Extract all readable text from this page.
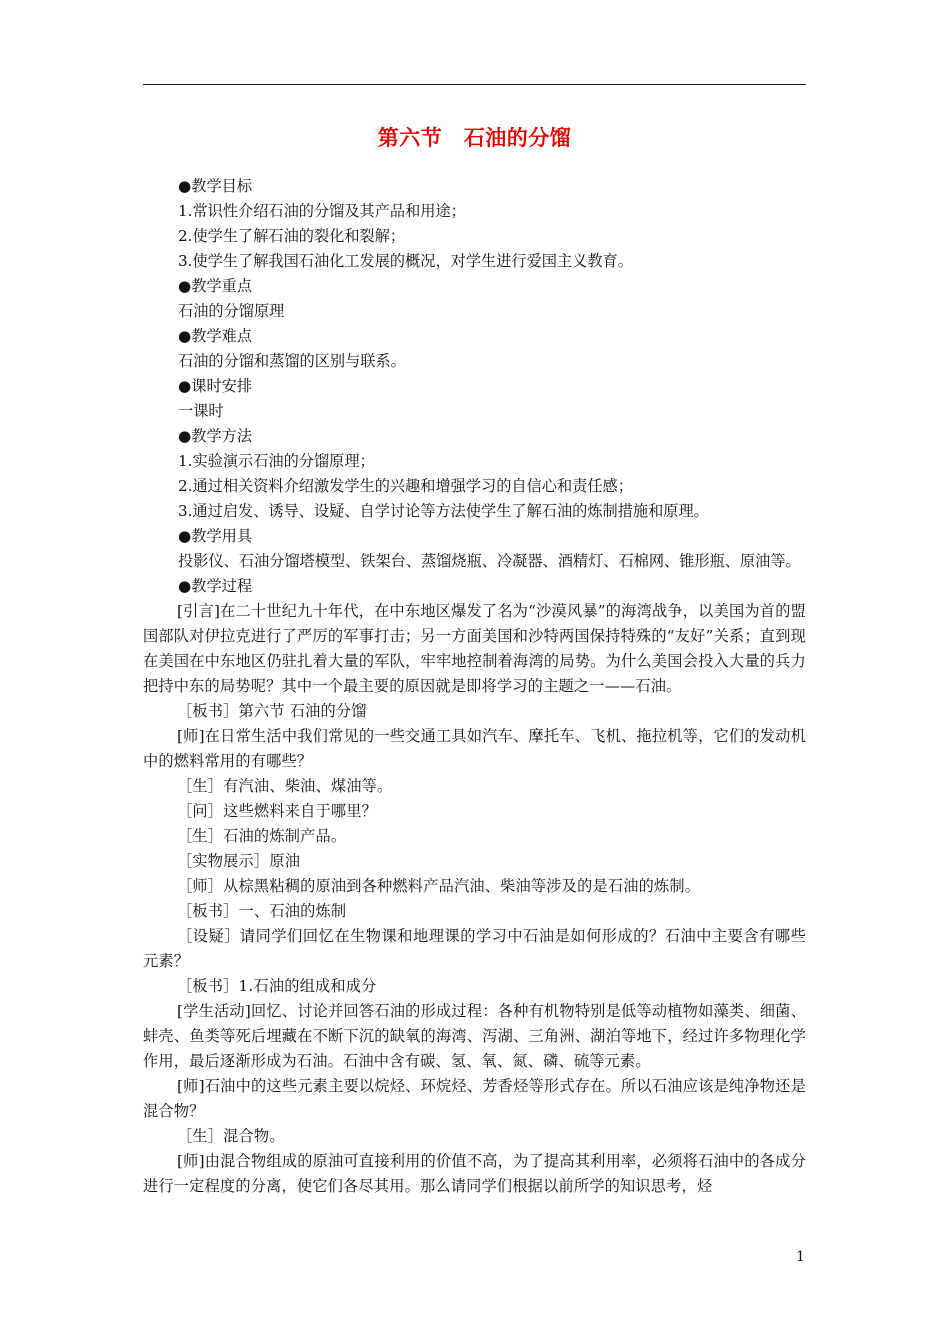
第六节　石油的分馏

●教学目标

1.常识性介绍石油的分馏及其产品和用途；

2.使学生了解石油的裂化和裂解；

3.使学生了解我国石油化工发展的概况，对学生进行爱国主义教育。

●教学重点

石油的分馏原理

●教学难点

石油的分馏和蒸馏的区别与联系。

●课时安排

一课时

●教学方法

1.实验演示石油的分馏原理；

2.通过相关资料介绍激发学生的兴趣和增强学习的自信心和责任感；

3.通过启发、诱导、设疑、自学讨论等方法使学生了解石油的炼制措施和原理。

●教学用具

投影仪、石油分馏塔模型、铁架台、蒸馏烧瓶、冷凝器、酒精灯、石棉网、锥形瓶、原油等。

●教学过程

[引言]在二十世纪九十年代，在中东地区爆发了名为“沙漠风暴”的海湾战争，以美国为首的盟国部队对伊拉克进行了严厉的军事打击；另一方面美国和沙特两国保持特殊的“友好”关系；直到现在美国在中东地区仍驻扎着大量的军队，牢牢地控制着海湾的局势。为什么美国会投入大量的兵力把持中东的局势呢？其中一个最主要的原因就是即将学习的主题之一——石油。

［板书］第六节 石油的分馏

[师]在日常生活中我们常见的一些交通工具如汽车、摩托车、飞机、拖拉机等，它们的发动机中的燃料常用的有哪些？

［生］有汽油、柴油、煤油等。

［问］这些燃料来自于哪里？

［生］石油的炼制产品。

［实物展示］原油

［师］从棕黑粘稠的原油到各种燃料产品汽油、柴油等涉及的是石油的炼制。

［板书］一、石油的炼制

［设疑］请同学们回忆在生物课和地理课的学习中石油是如何形成的？石油中主要含有哪些元素？

［板书］1.石油的组成和成分

[学生活动]回忆、讨论并回答石油的形成过程：各种有机物特别是低等动植物如藻类、细菌、蚌壳、鱼类等死后埋藏在不断下沉的缺氧的海湾、泻湖、三角洲、湖泊等地下，经过许多物理化学作用，最后逐渐形成为石油。石油中含有碳、氢、氧、氮、磷、硫等元素。

[师]石油中的这些元素主要以烷烃、环烷烃、芳香烃等形式存在。所以石油应该是纯净物还是混合物？

［生］混合物。

[师]由混合物组成的原油可直接利用的价值不高，为了提高其利用率，必须将石油中的各成分进行一定程度的分离，使它们各尽其用。那么请同学们根据以前所学的知识思考，烃

1
